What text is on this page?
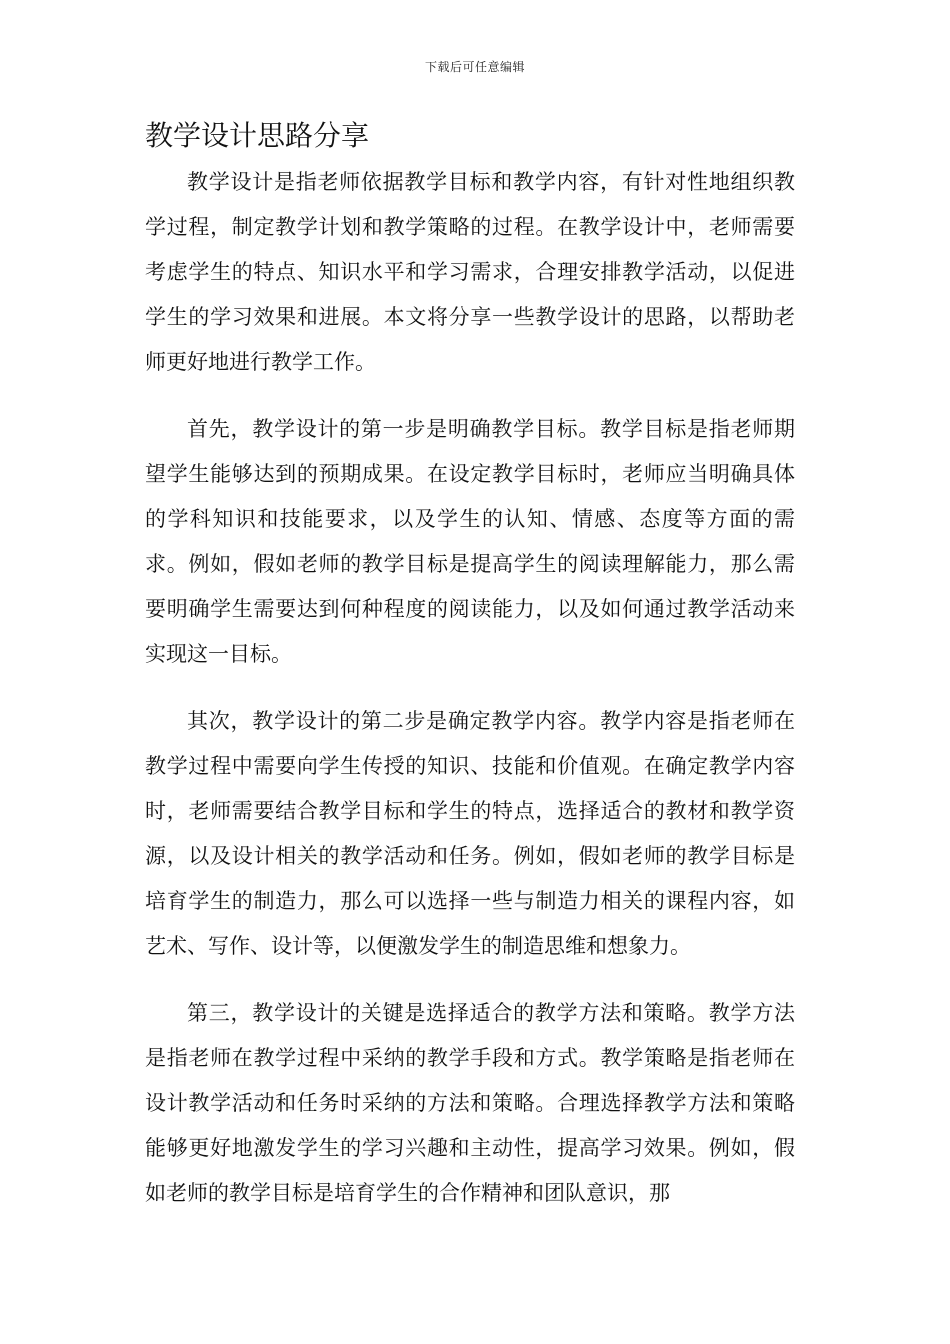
下载后可任意编辑
教学设计思路分享

教学设计是指老师依据教学目标和教学内容，有针对性地组织教学过程，制定教学计划和教学策略的过程。在教学设计中，老师需要考虑学生的特点、知识水平和学习需求，合理安排教学活动，以促进学生的学习效果和进展。本文将分享一些教学设计的思路，以帮助老师更好地进行教学工作。

首先，教学设计的第一步是明确教学目标。教学目标是指老师期望学生能够达到的预期成果。在设定教学目标时，老师应当明确具体的学科知识和技能要求，以及学生的认知、情感、态度等方面的需求。例如，假如老师的教学目标是提高学生的阅读理解能力，那么需要明确学生需要达到何种程度的阅读能力，以及如何通过教学活动来实现这一目标。

其次，教学设计的第二步是确定教学内容。教学内容是指老师在教学过程中需要向学生传授的知识、技能和价值观。在确定教学内容时，老师需要结合教学目标和学生的特点，选择适合的教材和教学资源，以及设计相关的教学活动和任务。例如，假如老师的教学目标是培育学生的制造力，那么可以选择一些与制造力相关的课程内容，如艺术、写作、设计等，以便激发学生的制造思维和想象力。

第三，教学设计的关键是选择适合的教学方法和策略。教学方法是指老师在教学过程中采纳的教学手段和方式。教学策略是指老师在设计教学活动和任务时采纳的方法和策略。合理选择教学方法和策略能够更好地激发学生的学习兴趣和主动性，提高学习效果。例如，假如老师的教学目标是培育学生的合作精神和团队意识，那
